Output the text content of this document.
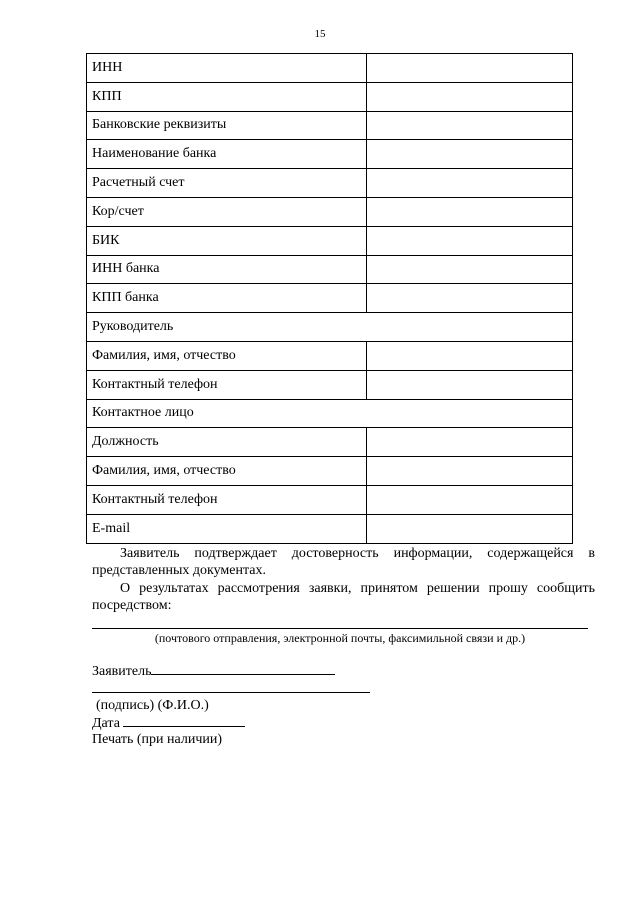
15
ИНН	
КПП	
Банковские реквизиты	
Наименование банка	
Расчетный счет	
Кор/счет	
БИК	
ИНН банка	
КПП банка	
Руководитель	
Фамилия, имя, отчество	
Контактный телефон	
Контактное лицо	
Должность	
Фамилия, имя, отчество	
Контактный телефон	
E-mail	

Заявитель подтверждает достоверность информации, содержащейся в представленных документах.

О результатах рассмотрения заявки, принятом решении прошу сообщить посредством:

(почтового отправления, электронной почты, факсимильной связи и др.)
Заявитель
(подпись) (Ф.И.О.)
Дата
Печать (при наличии)
